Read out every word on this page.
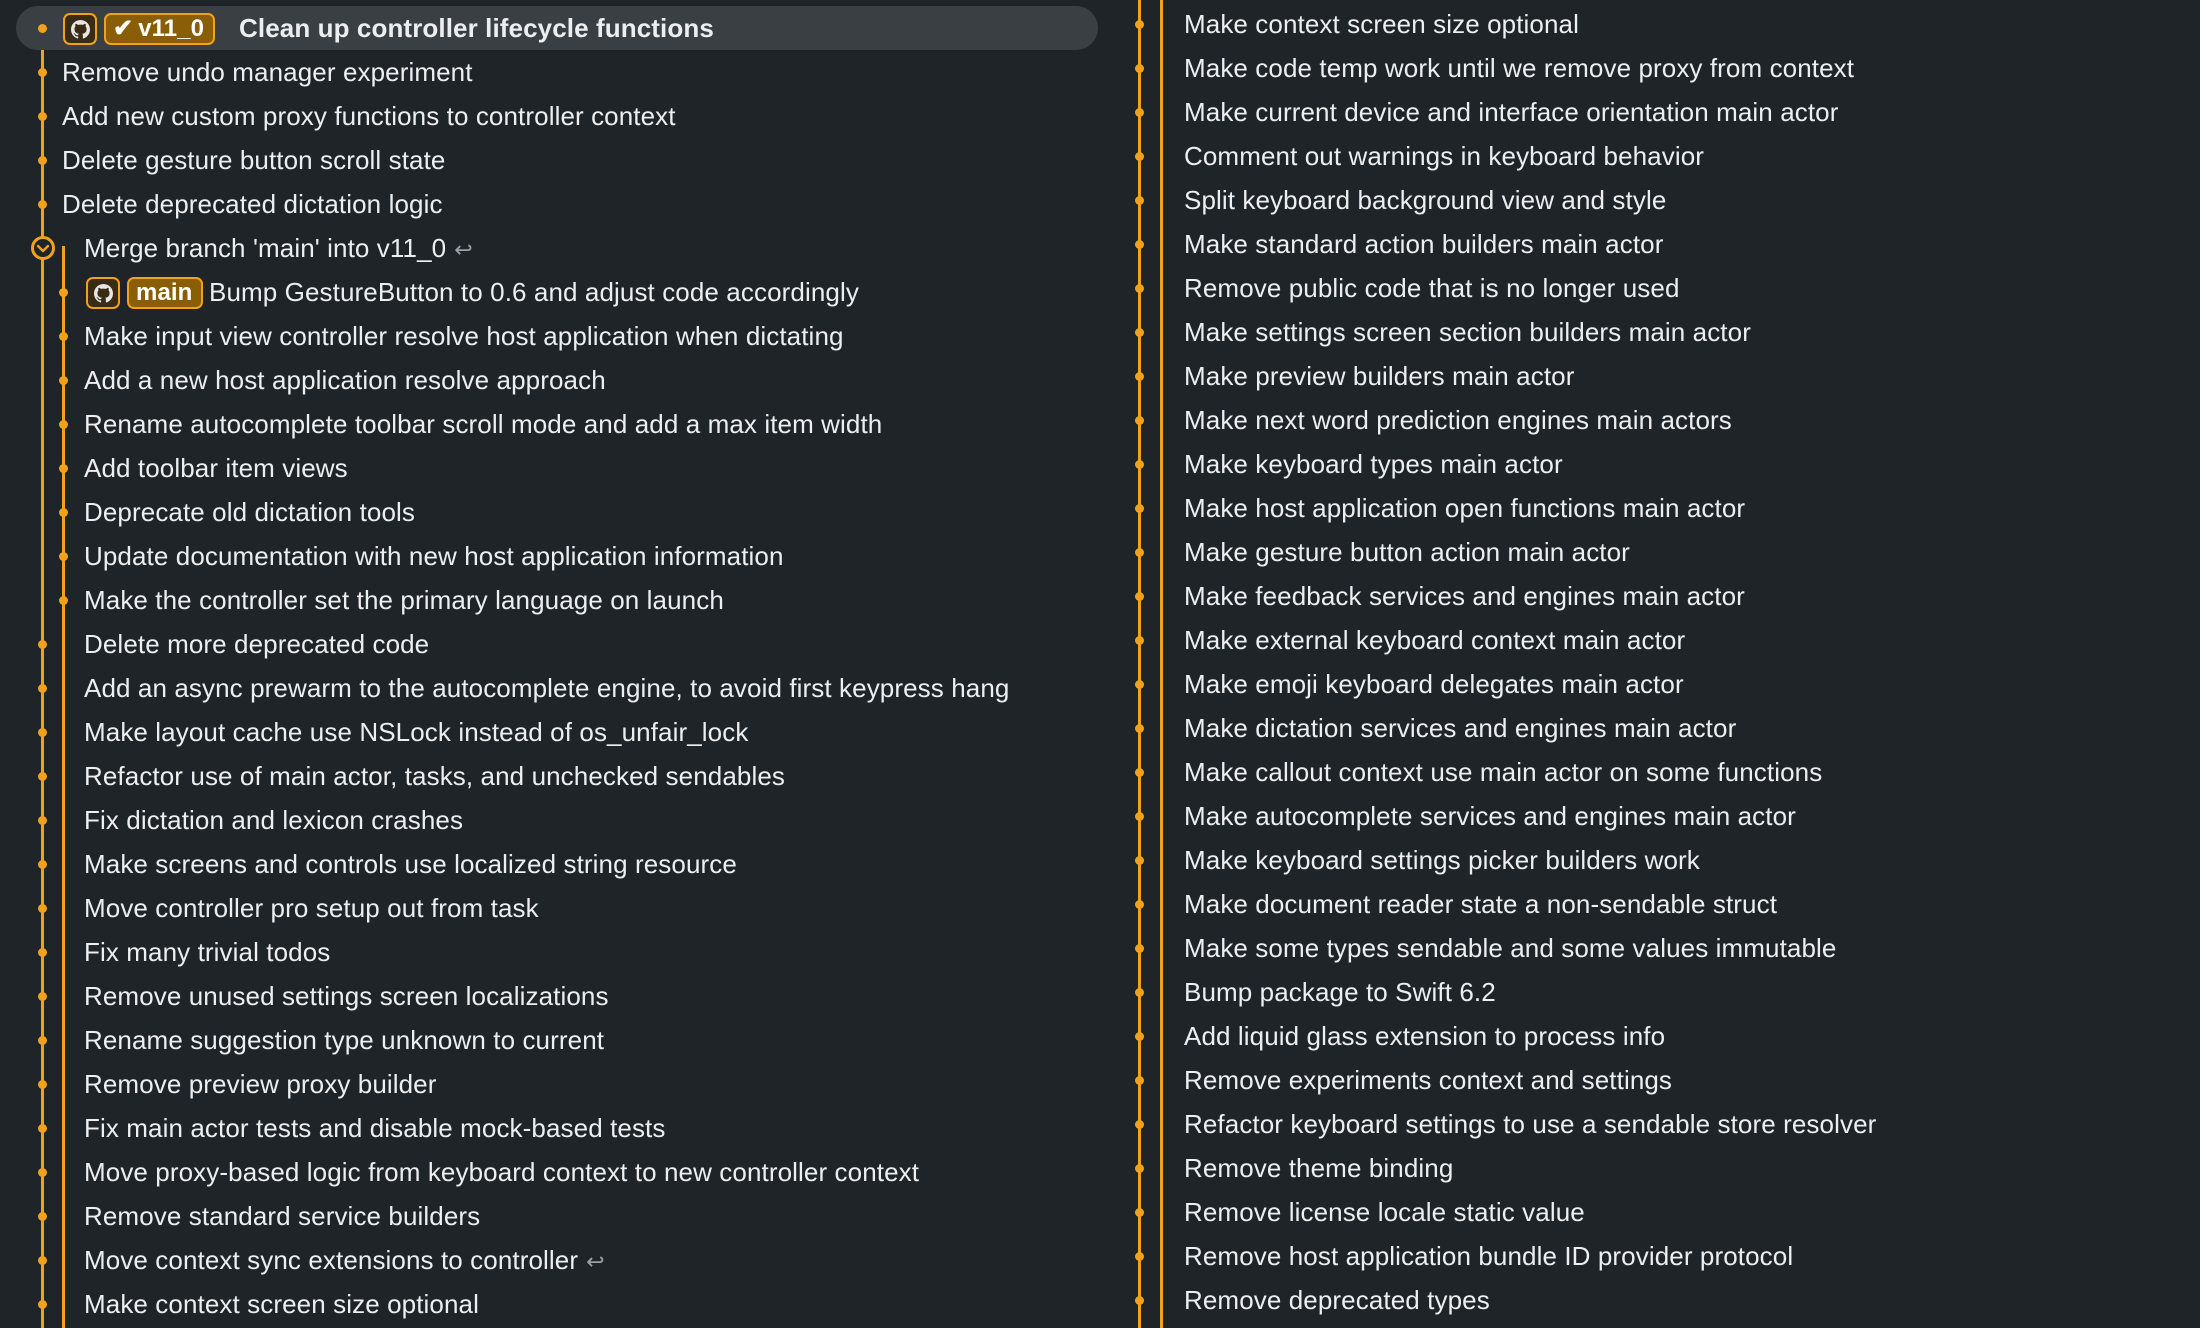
✔ v11_0	Clean up controller lifecycle functions
Remove undo manager experiment
Add new custom proxy functions to controller context
Delete gesture button scroll state
Delete deprecated dictation logic
Merge branch 'main' into v11_0 ↩
main Bump GestureButton to 0.6 and adjust code accordingly
Make input view controller resolve host application when dictating
Add a new host application resolve approach
Rename autocomplete toolbar scroll mode and add a max item width
Add toolbar item views
Deprecate old dictation tools
Update documentation with new host application information
Make the controller set the primary language on launch
Delete more deprecated code
Add an async prewarm to the autocomplete engine, to avoid first keypress hang
Make layout cache use NSLock instead of os_unfair_lock
Refactor use of main actor, tasks, and unchecked sendables
Fix dictation and lexicon crashes
Make screens and controls use localized string resource
Move controller pro setup out from task
Fix many trivial todos
Remove unused settings screen localizations
Rename suggestion type unknown to current
Remove preview proxy builder
Fix main actor tests and disable mock-based tests
Move proxy-based logic from keyboard context to new controller context
Remove standard service builders
Move context sync extensions to controller ↩
Make context screen size optional
Make context screen size optional
Make code temp work until we remove proxy from context
Make current device and interface orientation main actor
Comment out warnings in keyboard behavior
Split keyboard background view and style
Make standard action builders main actor
Remove public code that is no longer used
Make settings screen section builders main actor
Make preview builders main actor
Make next word prediction engines main actors
Make keyboard types main actor
Make host application open functions main actor
Make gesture button action main actor
Make feedback services and engines main actor
Make external keyboard context main actor
Make emoji keyboard delegates main actor
Make dictation services and engines main actor
Make callout context use main actor on some functions
Make autocomplete services and engines main actor
Make keyboard settings picker builders work
Make document reader state a non-sendable struct
Make some types sendable and some values immutable
Bump package to Swift 6.2
Add liquid glass extension to process info
Remove experiments context and settings
Refactor keyboard settings to use a sendable store resolver
Remove theme binding
Remove license locale static value
Remove host application bundle ID provider protocol
Remove deprecated types
